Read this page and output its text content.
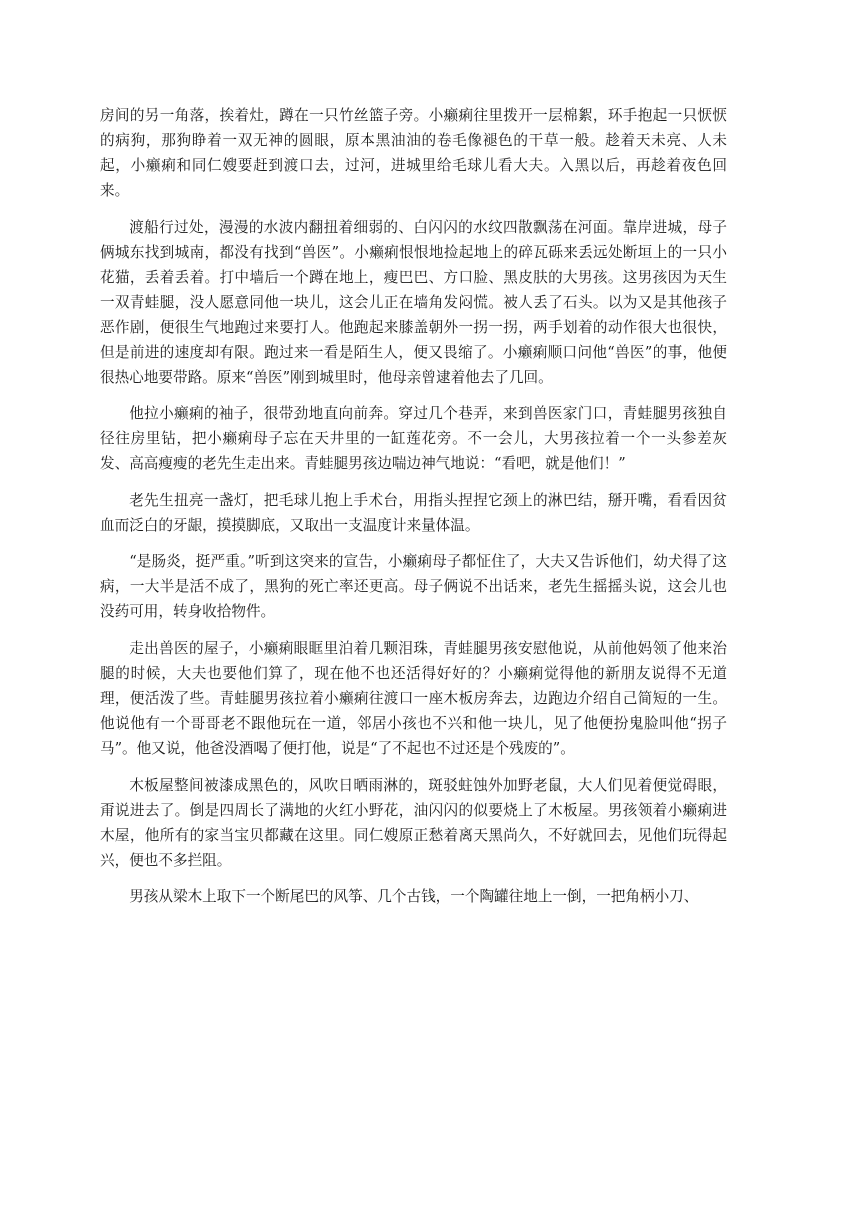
房间的另一角落，挨着灶，蹲在一只竹丝篮子旁。小癞痢往里拨开一层棉絮，环手抱起一只恹恹的病狗，那狗睁着一双无神的圆眼，原本黑油油的卷毛像褪色的干草一般。趁着天未亮、人未起，小癞痢和同仁嫂要赶到渡口去，过河，进城里给毛球儿看大夫。入黑以后，再趁着夜色回来。

渡船行过处，漫漫的水波内翻扭着细弱的、白闪闪的水纹四散飘荡在河面。靠岸进城，母子俩城东找到城南，都没有找到“兽医”。小癞痢恨恨地捡起地上的碎瓦砾来丢远处断垣上的一只小花猫，丢着丢着。打中墙后一个蹲在地上，瘦巴巴、方口脸、黑皮肤的大男孩。这男孩因为天生一双青蛙腿，没人愿意同他一块儿，这会儿正在墙角发闷慌。被人丢了石头。以为又是其他孩子恶作剧，便很生气地跑过来要打人。他跑起来膝盖朝外一拐一拐，两手划着的动作很大也很快，但是前进的速度却有限。跑过来一看是陌生人，便又畏缩了。小癞痢顺口问他“兽医”的事，他便很热心地要带路。原来“兽医”刚到城里时，他母亲曾逮着他去了几回。

他拉小癞痢的袖子，很带劲地直向前奔。穿过几个巷弄，来到兽医家门口，青蛙腿男孩独自径往房里钻，把小癞痢母子忘在天井里的一缸莲花旁。不一会儿，大男孩拉着一个一头参差灰发、高高瘦瘦的老先生走出来。青蛙腿男孩边喘边神气地说：“看吧，就是他们！”

老先生扭亮一盏灯，把毛球儿抱上手术台，用指头捏捏它颈上的淋巴结，掰开嘴，看看因贫血而泛白的牙龈，摸摸脚底，又取出一支温度计来量体温。

“是肠炎，挺严重。”听到这突来的宣告，小癞痢母子都怔住了，大夫又告诉他们，幼犬得了这病，一大半是活不成了，黑狗的死亡率还更高。母子俩说不出话来，老先生摇摇头说，这会儿也没药可用，转身收拾物件。

走出兽医的屋子，小癞痢眼眶里泊着几颗泪珠，青蛙腿男孩安慰他说，从前他妈领了他来治腿的时候，大夫也要他们算了，现在他不也还活得好好的？小癞痢觉得他的新朋友说得不无道理，便活泼了些。青蛙腿男孩拉着小癞痢往渡口一座木板房奔去，边跑边介绍自己简短的一生。他说他有一个哥哥老不跟他玩在一道，邻居小孩也不兴和他一块儿，见了他便扮鬼脸叫他“拐子马”。他又说，他爸没酒喝了便打他，说是“了不起也不过还是个残废的”。

木板屋整间被漆成黑色的，风吹日晒雨淋的，斑驳蛀蚀外加野老鼠，大人们见着便觉碍眼，甭说进去了。倒是四周长了满地的火红小野花，油闪闪的似要烧上了木板屋。男孩领着小癞痢进木屋，他所有的家当宝贝都藏在这里。同仁嫂原正愁着离天黑尚久，不好就回去，见他们玩得起兴，便也不多拦阻。

男孩从梁木上取下一个断尾巴的风筝、几个古钱，一个陶罐往地上一倒，一把角柄小刀、
